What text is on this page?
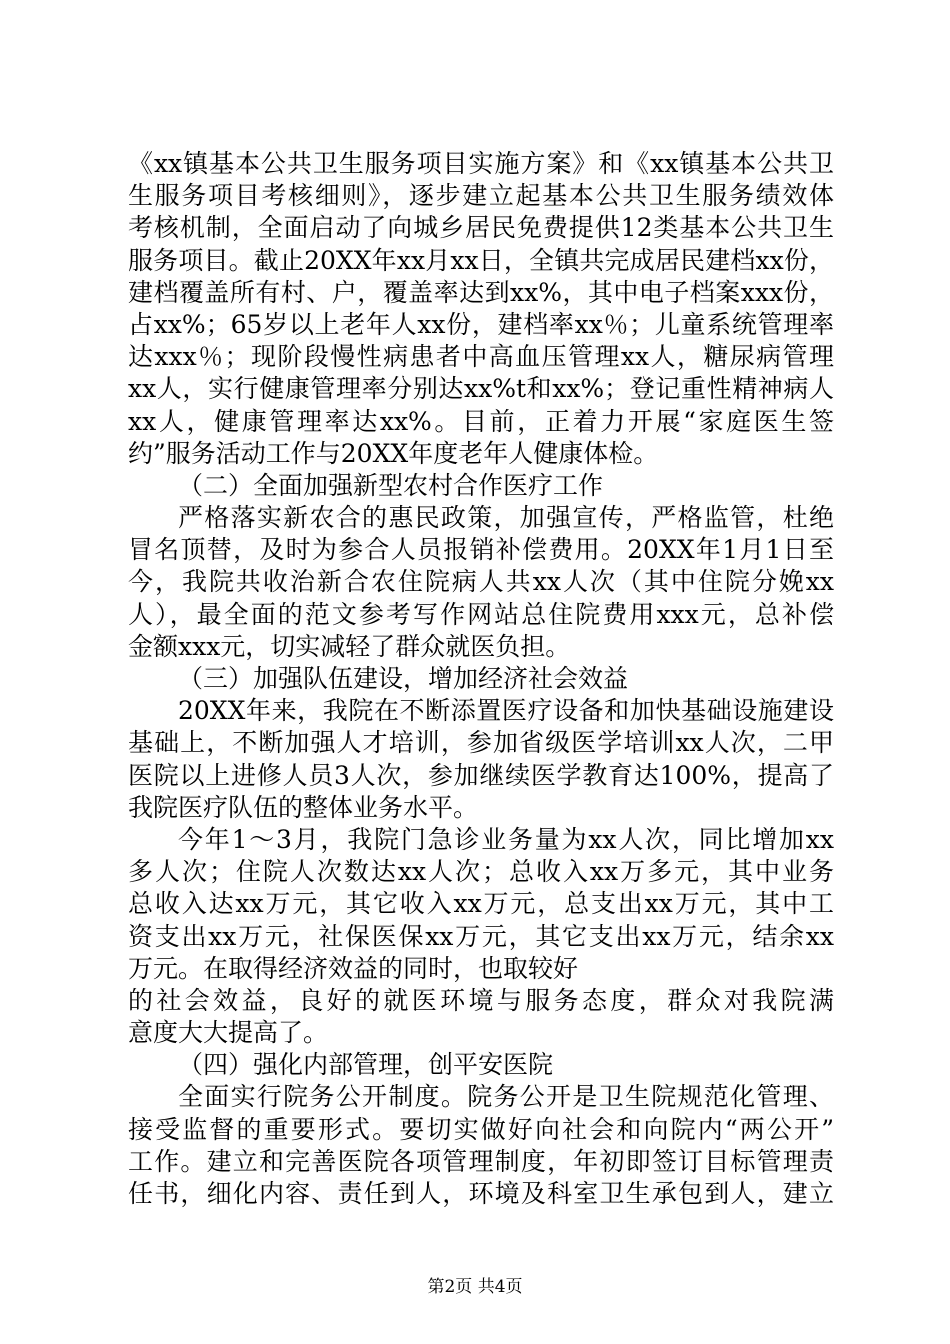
《xx镇基本公共卫生服务项目实施方案》和《xx镇基本公共卫
生服务项目考核细则》，逐步建立起基本公共卫生服务绩效体
考核机制，全面启动了向城乡居民免费提供12类基本公共卫生
服务项目。截止20XX年xx月xx日，全镇共完成居民建档xx份，
建档覆盖所有村、户，覆盖率达到xx%，其中电子档案xxx份，
占xx%；65岁以上老年人xx份，建档率xx％；儿童系统管理率
达xxx％；现阶段慢性病患者中高血压管理xx人，糖尿病管理
xx人，实行健康管理率分别达xx%t和xx%；登记重性精神病人
xx人，健康管理率达xx%。目前，正着力开展“家庭医生签
约”服务活动工作与20XX年度老年人健康体检。
（二）全面加强新型农村合作医疗工作
严格落实新农合的惠民政策，加强宣传，严格监管，杜绝
冒名顶替，及时为参合人员报销补偿费用。20XX年1月1日至
今，我院共收治新合农住院病人共xx人次（其中住院分娩xx
人），最全面的范文参考写作网站总住院费用xxx元，总补偿
金额xxx元，切实减轻了群众就医负担。
（三）加强队伍建设，增加经济社会效益
20XX年来，我院在不断添置医疗设备和加快基础设施建设
基础上，不断加强人才培训，参加省级医学培训xx人次，二甲
医院以上进修人员3人次，参加继续医学教育达100%，提高了
我院医疗队伍的整体业务水平。
今年1～3月，我院门急诊业务量为xx人次，同比增加xx
多人次；住院人次数达xx人次；总收入xx万多元，其中业务
总收入达xx万元，其它收入xx万元，总支出xx万元，其中工
资支出xx万元，社保医保xx万元，其它支出xx万元，结余xx
万元。在取得经济效益的同时，也取较好
的社会效益，良好的就医环境与服务态度，群众对我院满
意度大大提高了。
（四）强化内部管理，创平安医院
全面实行院务公开制度。院务公开是卫生院规范化管理、
接受监督的重要形式。要切实做好向社会和向院内“两公开”
工作。建立和完善医院各项管理制度，年初即签订目标管理责
任书，细化内容、责任到人，环境及科室卫生承包到人，建立
第2页 共4页
